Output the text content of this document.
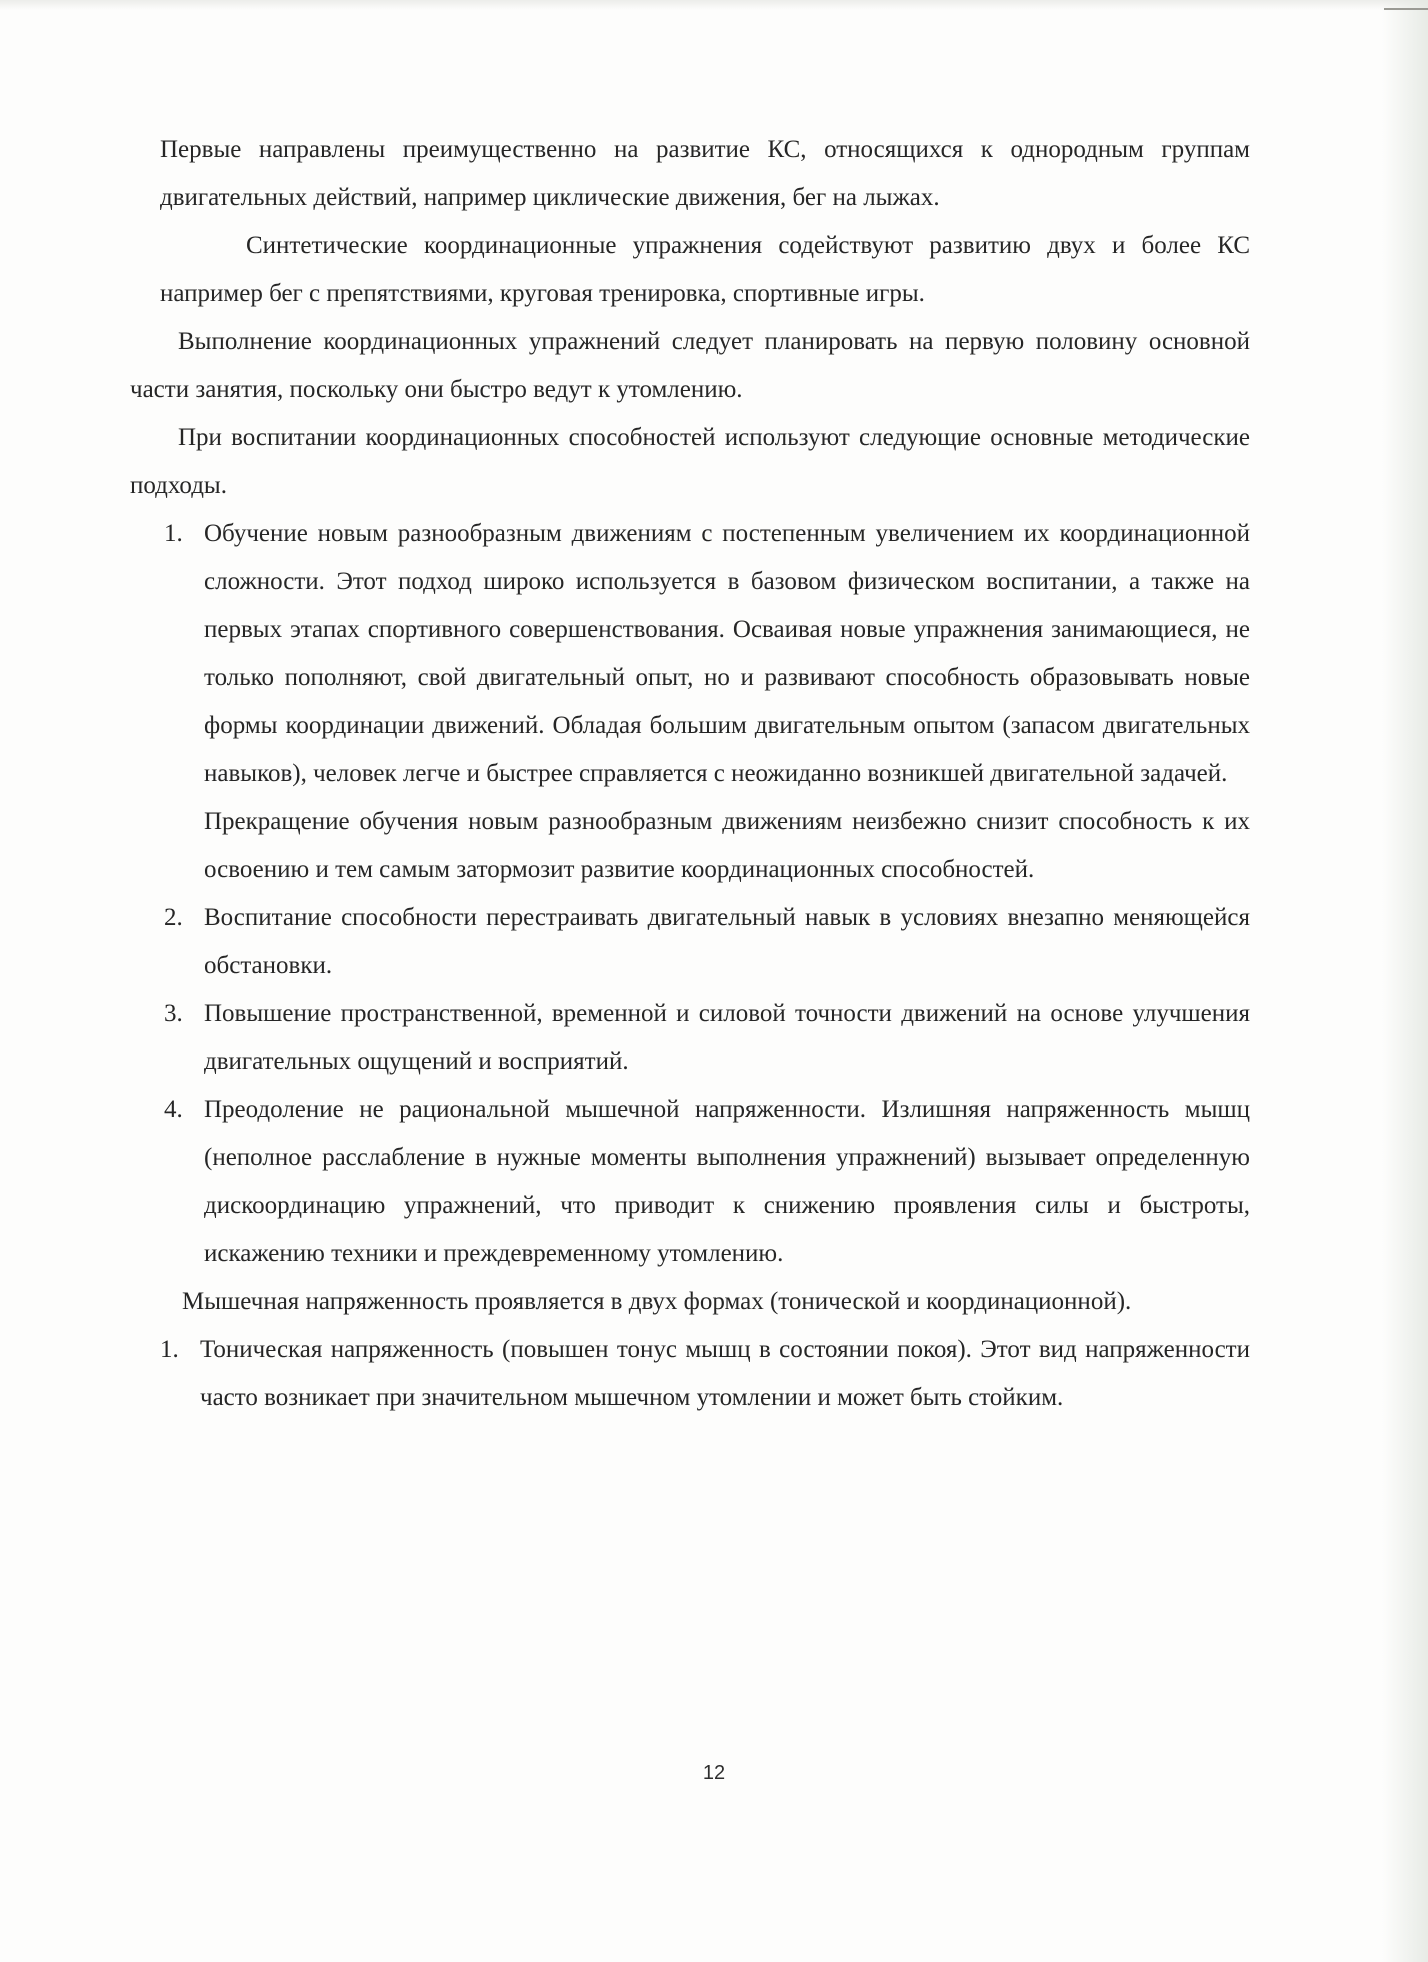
Первые направлены преимущественно на развитие КС, относящихся к однородным группам двигательных действий, например циклические движения, бег на лыжах.

Синтетические координационные упражнения содействуют развитию двух и более КС например бег с препятствиями, круговая тренировка, спортивные игры.

Выполнение координационных упражнений следует планировать на первую половину основной части занятия, поскольку они быстро ведут к утомлению.

При воспитании координационных способностей используют следующие основные методические подходы.

1. Обучение новым разнообразным движениям с постепенным увеличением их координационной сложности. Этот подход широко используется в базовом физическом воспитании, а также на первых этапах спортивного совершенствования. Осваивая новые упражнения занимающиеся, не только пополняют, свой двигательный опыт, но и развивают способность образовывать новые формы координации движений. Обладая большим двигательным опытом (запасом двигательных навыков), человек легче и быстрее справляется с неожиданно возникшей двигательной задачей.

Прекращение обучения новым разнообразным движениям неизбежно снизит способность к их освоению и тем самым затормозит развитие координационных способностей.

2. Воспитание способности перестраивать двигательный навык в условиях внезапно меняющейся обстановки.

3. Повышение пространственной, временной и силовой точности движений на основе улучшения двигательных ощущений и восприятий.

4. Преодоление не рациональной мышечной напряженности. Излишняя напряженность мышц (неполное расслабление в нужные моменты выполнения упражнений) вызывает определенную дискоординацию упражнений, что приводит к снижению проявления силы и быстроты, искажению техники и преждевременному утомлению.

Мышечная напряженность проявляется в двух формах (тонической и координационной).

1. Тоническая напряженность (повышен тонус мышц в состоянии покоя). Этот вид напряженности часто возникает при значительном мышечном утомлении и может быть стойким.

12
